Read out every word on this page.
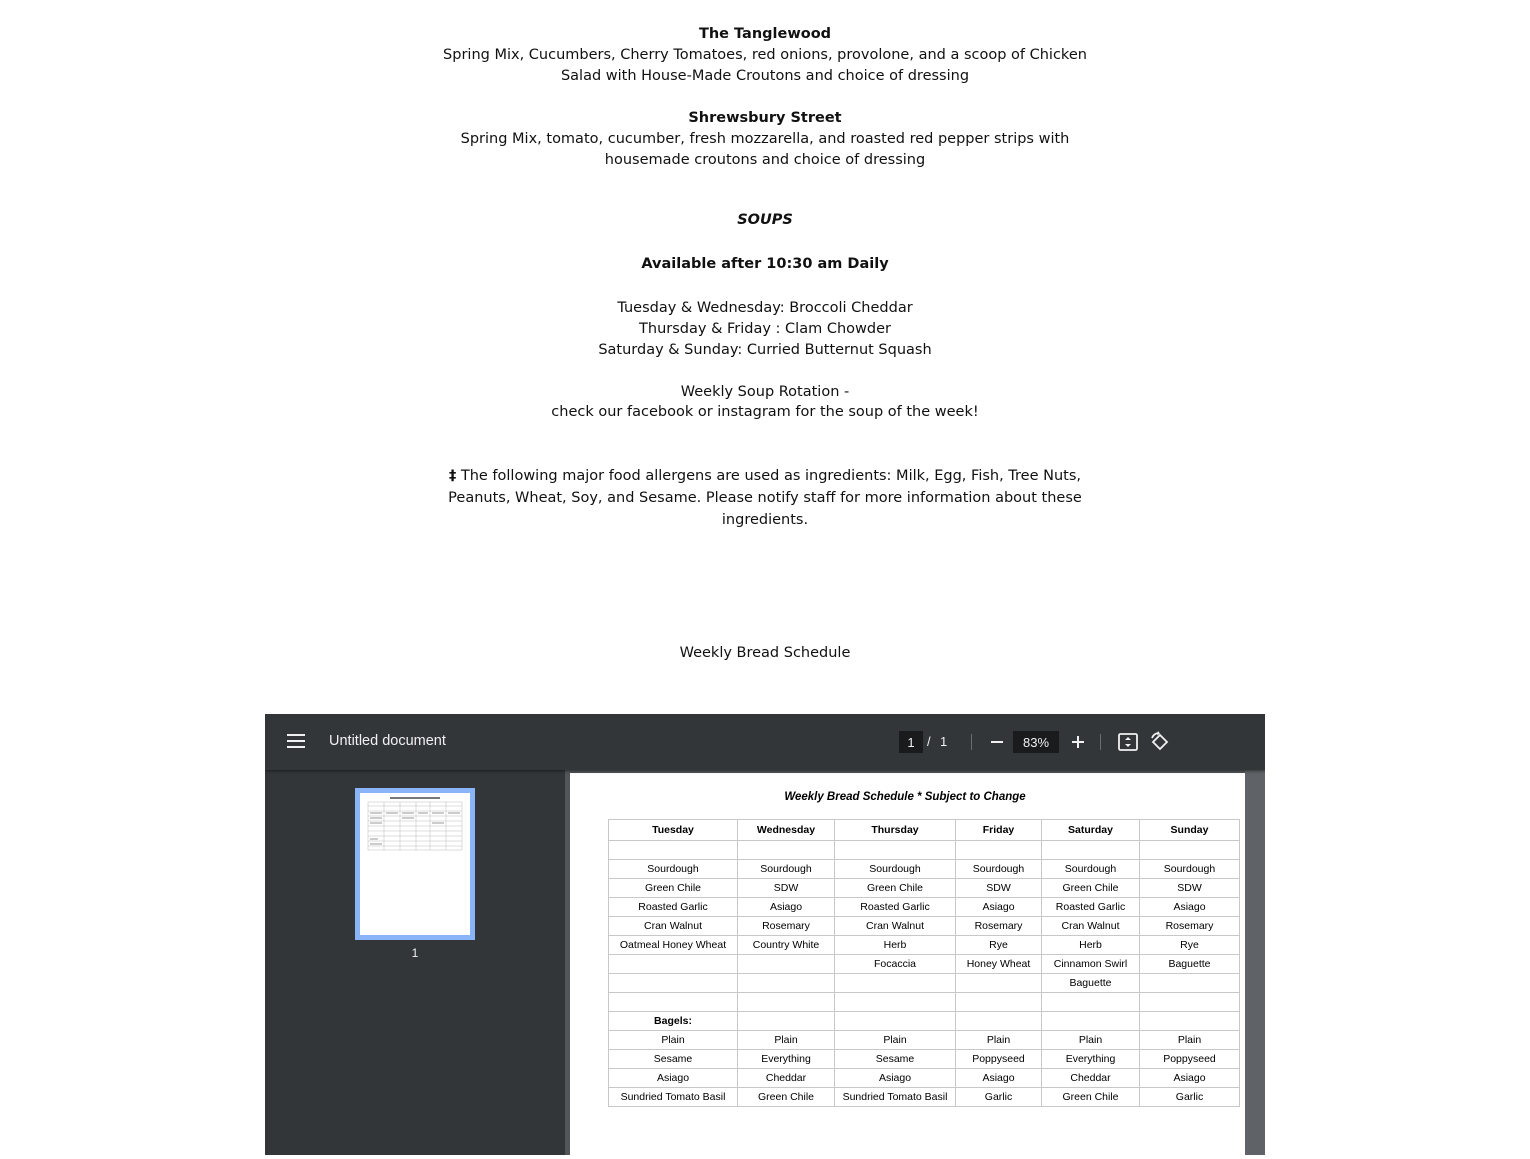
The Tanglewood
Spring Mix, Cucumbers, Cherry Tomatoes, red onions, provolone, and a scoop of Chicken Salad with House-Made Croutons and choice of dressing
Shrewsbury Street
Spring Mix, tomato, cucumber, fresh mozzarella, and roasted red pepper strips with housemade croutons and choice of dressing
SOUPS
Available after 10:30 am Daily
Tuesday & Wednesday: Broccoli Cheddar
Thursday & Friday : Clam Chowder
Saturday & Sunday: Curried Butternut Squash
Weekly Soup Rotation -
check our facebook or instagram for the soup of the week!
‡ The following major food allergens are used as ingredients: Milk, Egg, Fish, Tree Nuts, Peanuts, Wheat, Soy, and Sesame. Please notify staff for more information about these ingredients.
Weekly Bread Schedule
Untitled document
1	/ 1
83%
1
Weekly Bread Schedule * Subject to Change
Tuesday	Wednesday	Thursday	Friday	Saturday	Sunday

Sourdough	Sourdough	Sourdough	Sourdough	Sourdough	Sourdough
Green Chile	SDW	Green Chile	SDW	Green Chile	SDW
Roasted Garlic	Asiago	Roasted Garlic	Asiago	Roasted Garlic	Asiago
Cran Walnut	Rosemary	Cran Walnut	Rosemary	Cran Walnut	Rosemary
Oatmeal Honey Wheat	Country White	Herb	Rye	Herb	Rye
		Focaccia	Honey Wheat	Cinnamon Swirl	Baguette
				Baguette	

Bagels:					
Plain	Plain	Plain	Plain	Plain	Plain
Sesame	Everything	Sesame	Poppyseed	Everything	Poppyseed
Asiago	Cheddar	Asiago	Asiago	Cheddar	Asiago
Sundried Tomato Basil	Green Chile	Sundried Tomato Basil	Garlic	Green Chile	Garlic
